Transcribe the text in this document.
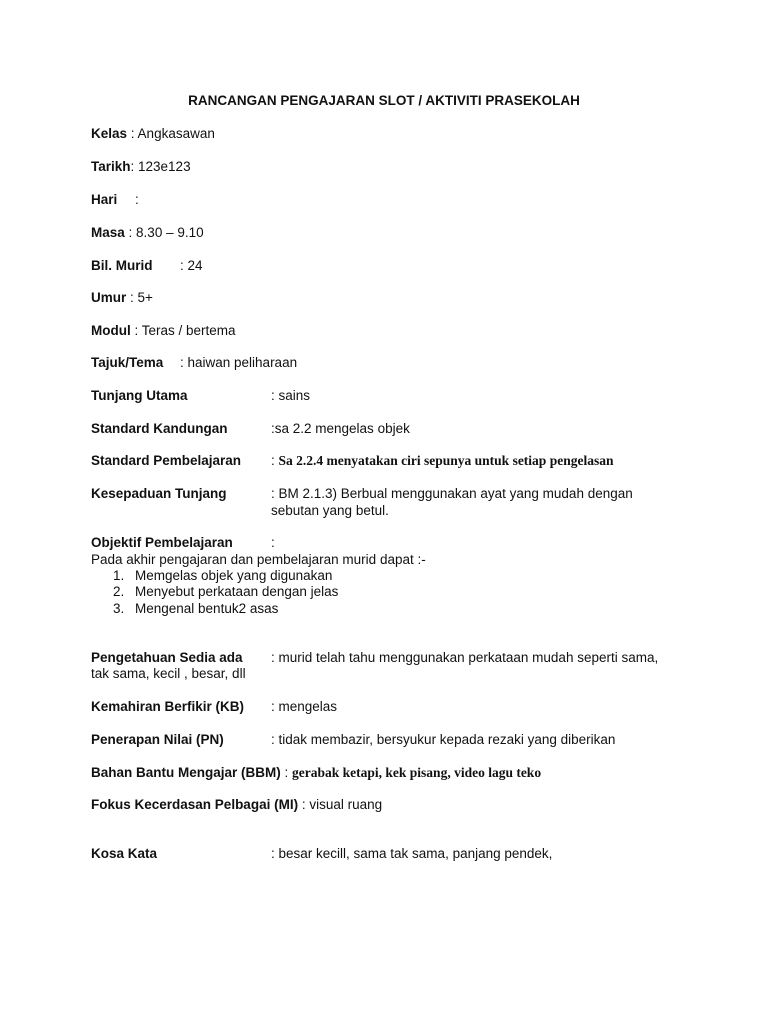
RANCANGAN PENGAJARAN SLOT / AKTIVITI PRASEKOLAH
Kelas : Angkasawan
Tarikh: 123e123
Hari :
Masa : 8.30 – 9.10
Bil. Murid : 24
Umur : 5+
Modul : Teras / bertema
Tajuk/Tema : haiwan peliharaan
Tunjang Utama	: sains
Standard Kandungan	:sa 2.2 mengelas objek
Standard Pembelajaran : Sa 2.2.4 menyatakan ciri sepunya untuk setiap pengelasan
Kesepaduan Tunjang	: BM 2.1.3) Berbual menggunakan ayat yang mudah dengan
sebutan yang betul.
Objektif Pembelajaran	:
Pada akhir pengajaran dan pembelajaran murid dapat :-
1. Memgelas objek yang digunakan
2. Menyebut perkataan dengan jelas
3. Mengenal bentuk2 asas
Pengetahuan Sedia ada : murid telah tahu menggunakan perkataan mudah seperti sama,
tak sama, kecil , besar, dll
Kemahiran Berfikir (KB) : mengelas
Penerapan Nilai (PN)	: tidak membazir, bersyukur kepada rezaki yang diberikan
Bahan Bantu Mengajar (BBM) : gerabak ketapi, kek pisang, video lagu teko
Fokus Kecerdasan Pelbagai (MI) : visual ruang
Kosa Kata	: besar kecill, sama tak sama, panjang pendek,
